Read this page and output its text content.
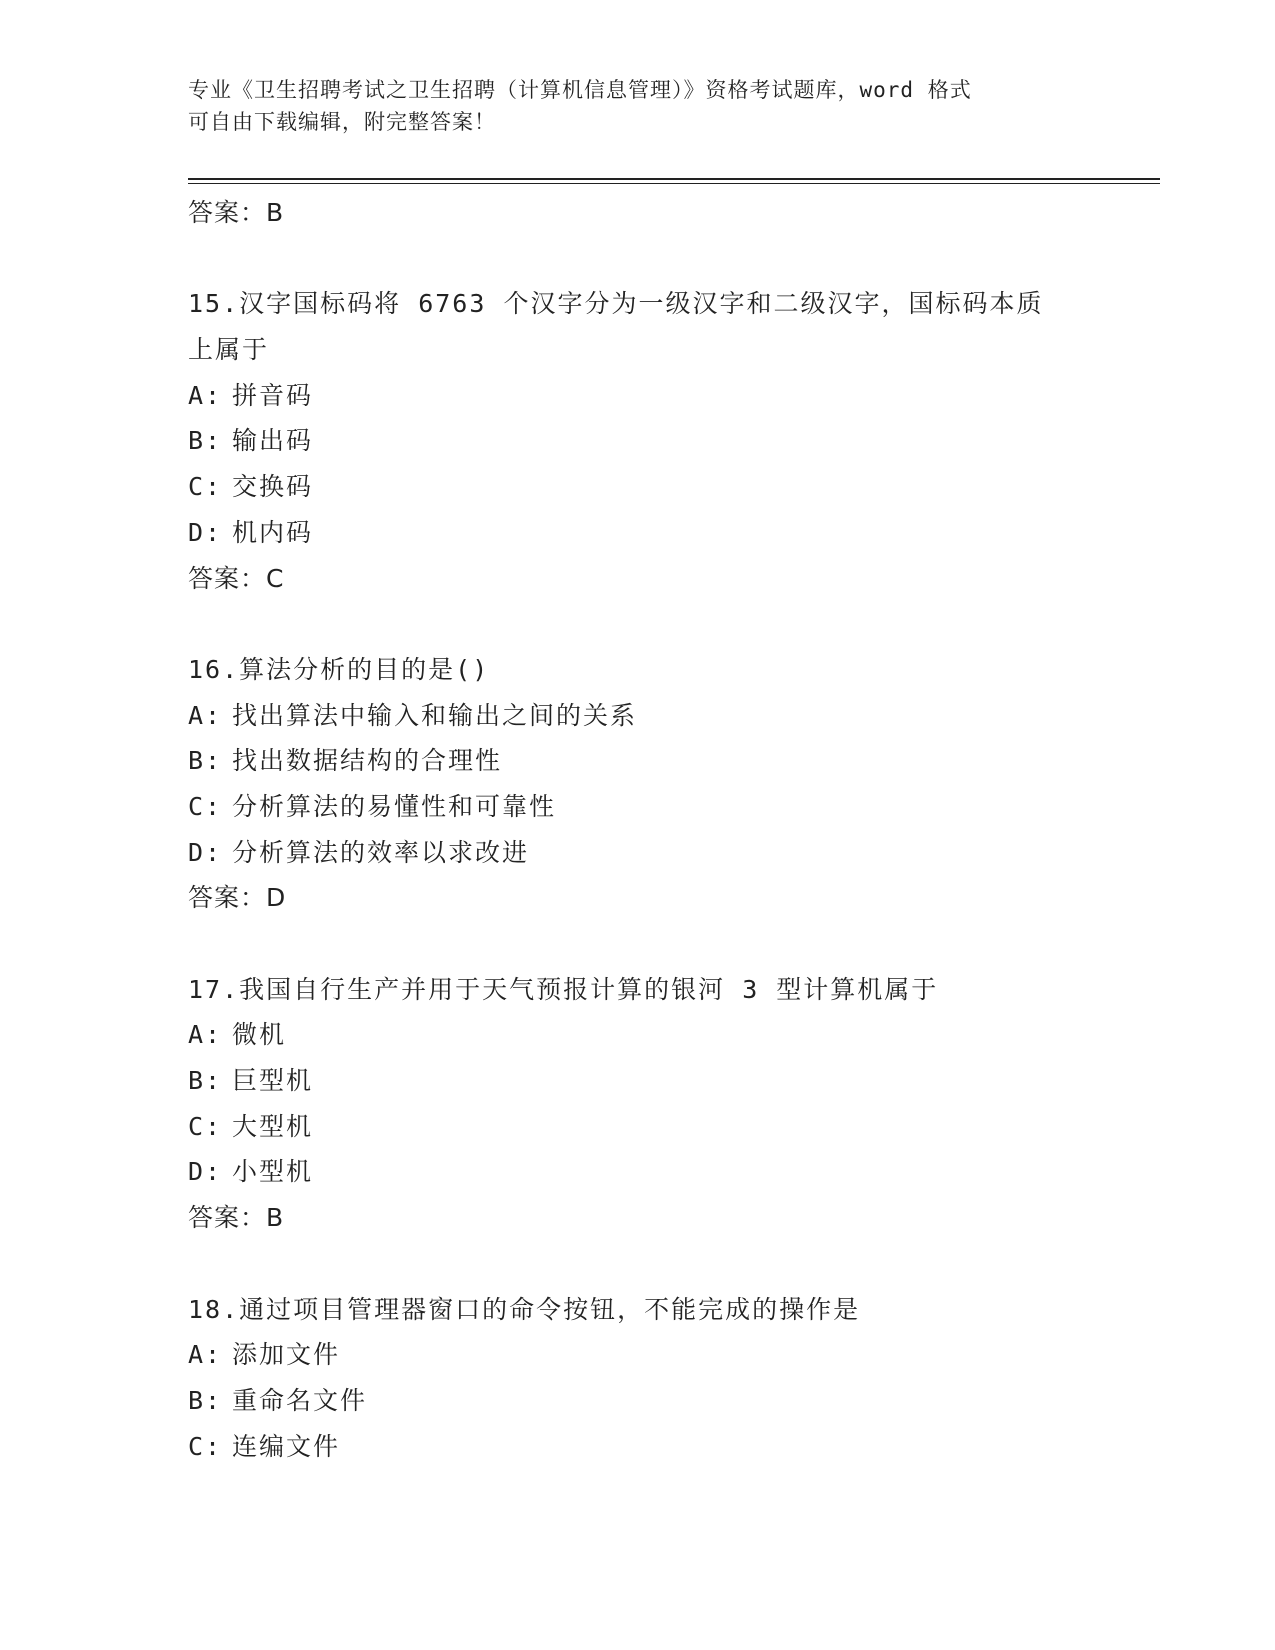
专业《卫生招聘考试之卫生招聘（计算机信息管理）》资格考试题库，word 格式
可自由下载编辑，附完整答案！
答案：B
15.汉字国标码将 6763 个汉字分为一级汉字和二级汉字，国标码本质
上属于
A: 拼音码
B: 输出码
C: 交换码
D: 机内码
答案：C
16.算法分析的目的是()
A: 找出算法中输入和输出之间的关系
B: 找出数据结构的合理性
C: 分析算法的易懂性和可靠性
D: 分析算法的效率以求改进
答案：D
17.我国自行生产并用于天气预报计算的银河 3 型计算机属于
A: 微机
B: 巨型机
C: 大型机
D: 小型机
答案：B
18.通过项目管理器窗口的命令按钮，不能完成的操作是
A: 添加文件
B: 重命名文件
C: 连编文件
